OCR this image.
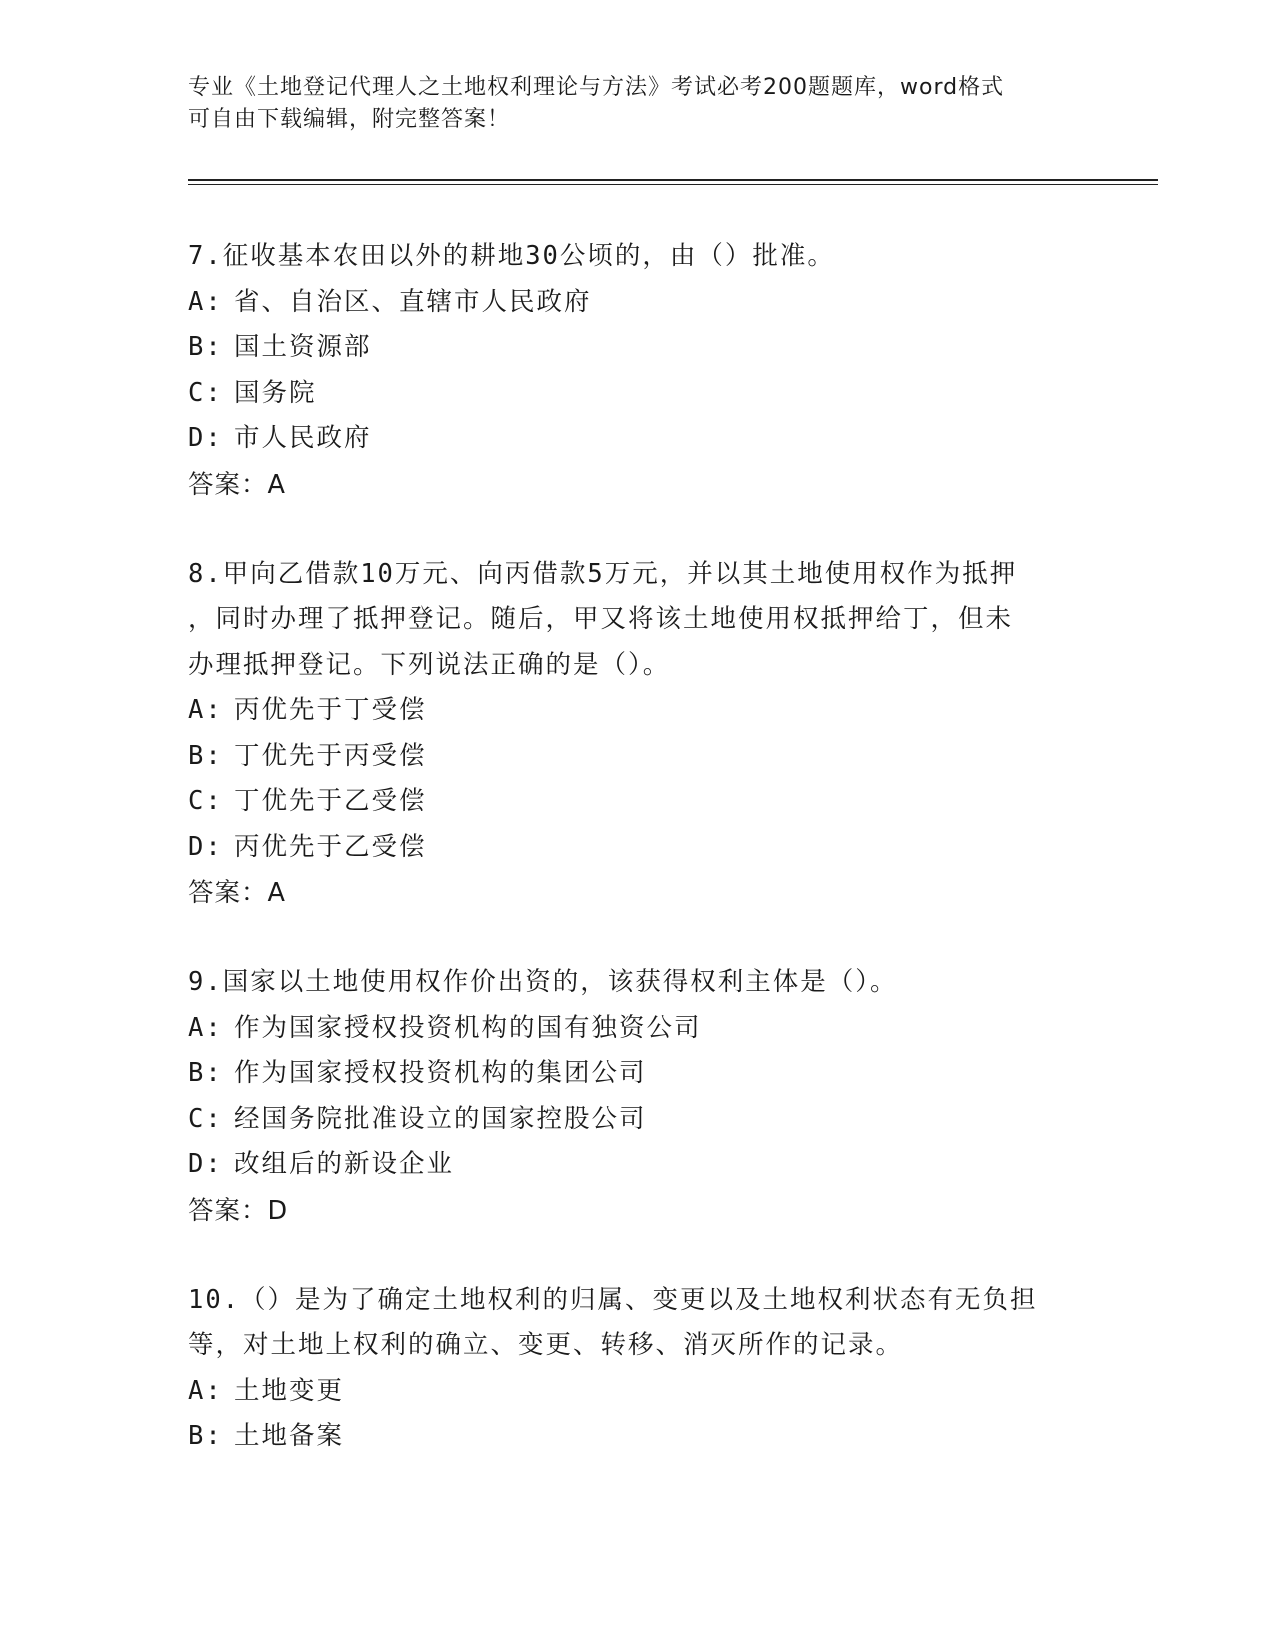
专业《土地登记代理人之土地权利理论与方法》考试必考200题题库，word格式
可自由下载编辑，附完整答案！
7.征收基本农田以外的耕地30公顷的，由（）批准。
A: 省、自治区、直辖市人民政府
B: 国土资源部
C: 国务院
D: 市人民政府
答案：A
8.甲向乙借款10万元、向丙借款5万元，并以其土地使用权作为抵押
，同时办理了抵押登记。随后，甲又将该土地使用权抵押给丁，但未
办理抵押登记。下列说法正确的是（）。
A: 丙优先于丁受偿
B: 丁优先于丙受偿
C: 丁优先于乙受偿
D: 丙优先于乙受偿
答案：A
9.国家以土地使用权作价出资的，该获得权利主体是（）。
A: 作为国家授权投资机构的国有独资公司
B: 作为国家授权投资机构的集团公司
C: 经国务院批准设立的国家控股公司
D: 改组后的新设企业
答案：D
10.（）是为了确定土地权利的归属、变更以及土地权利状态有无负担
等，对土地上权利的确立、变更、转移、消灭所作的记录。
A: 土地变更
B: 土地备案
